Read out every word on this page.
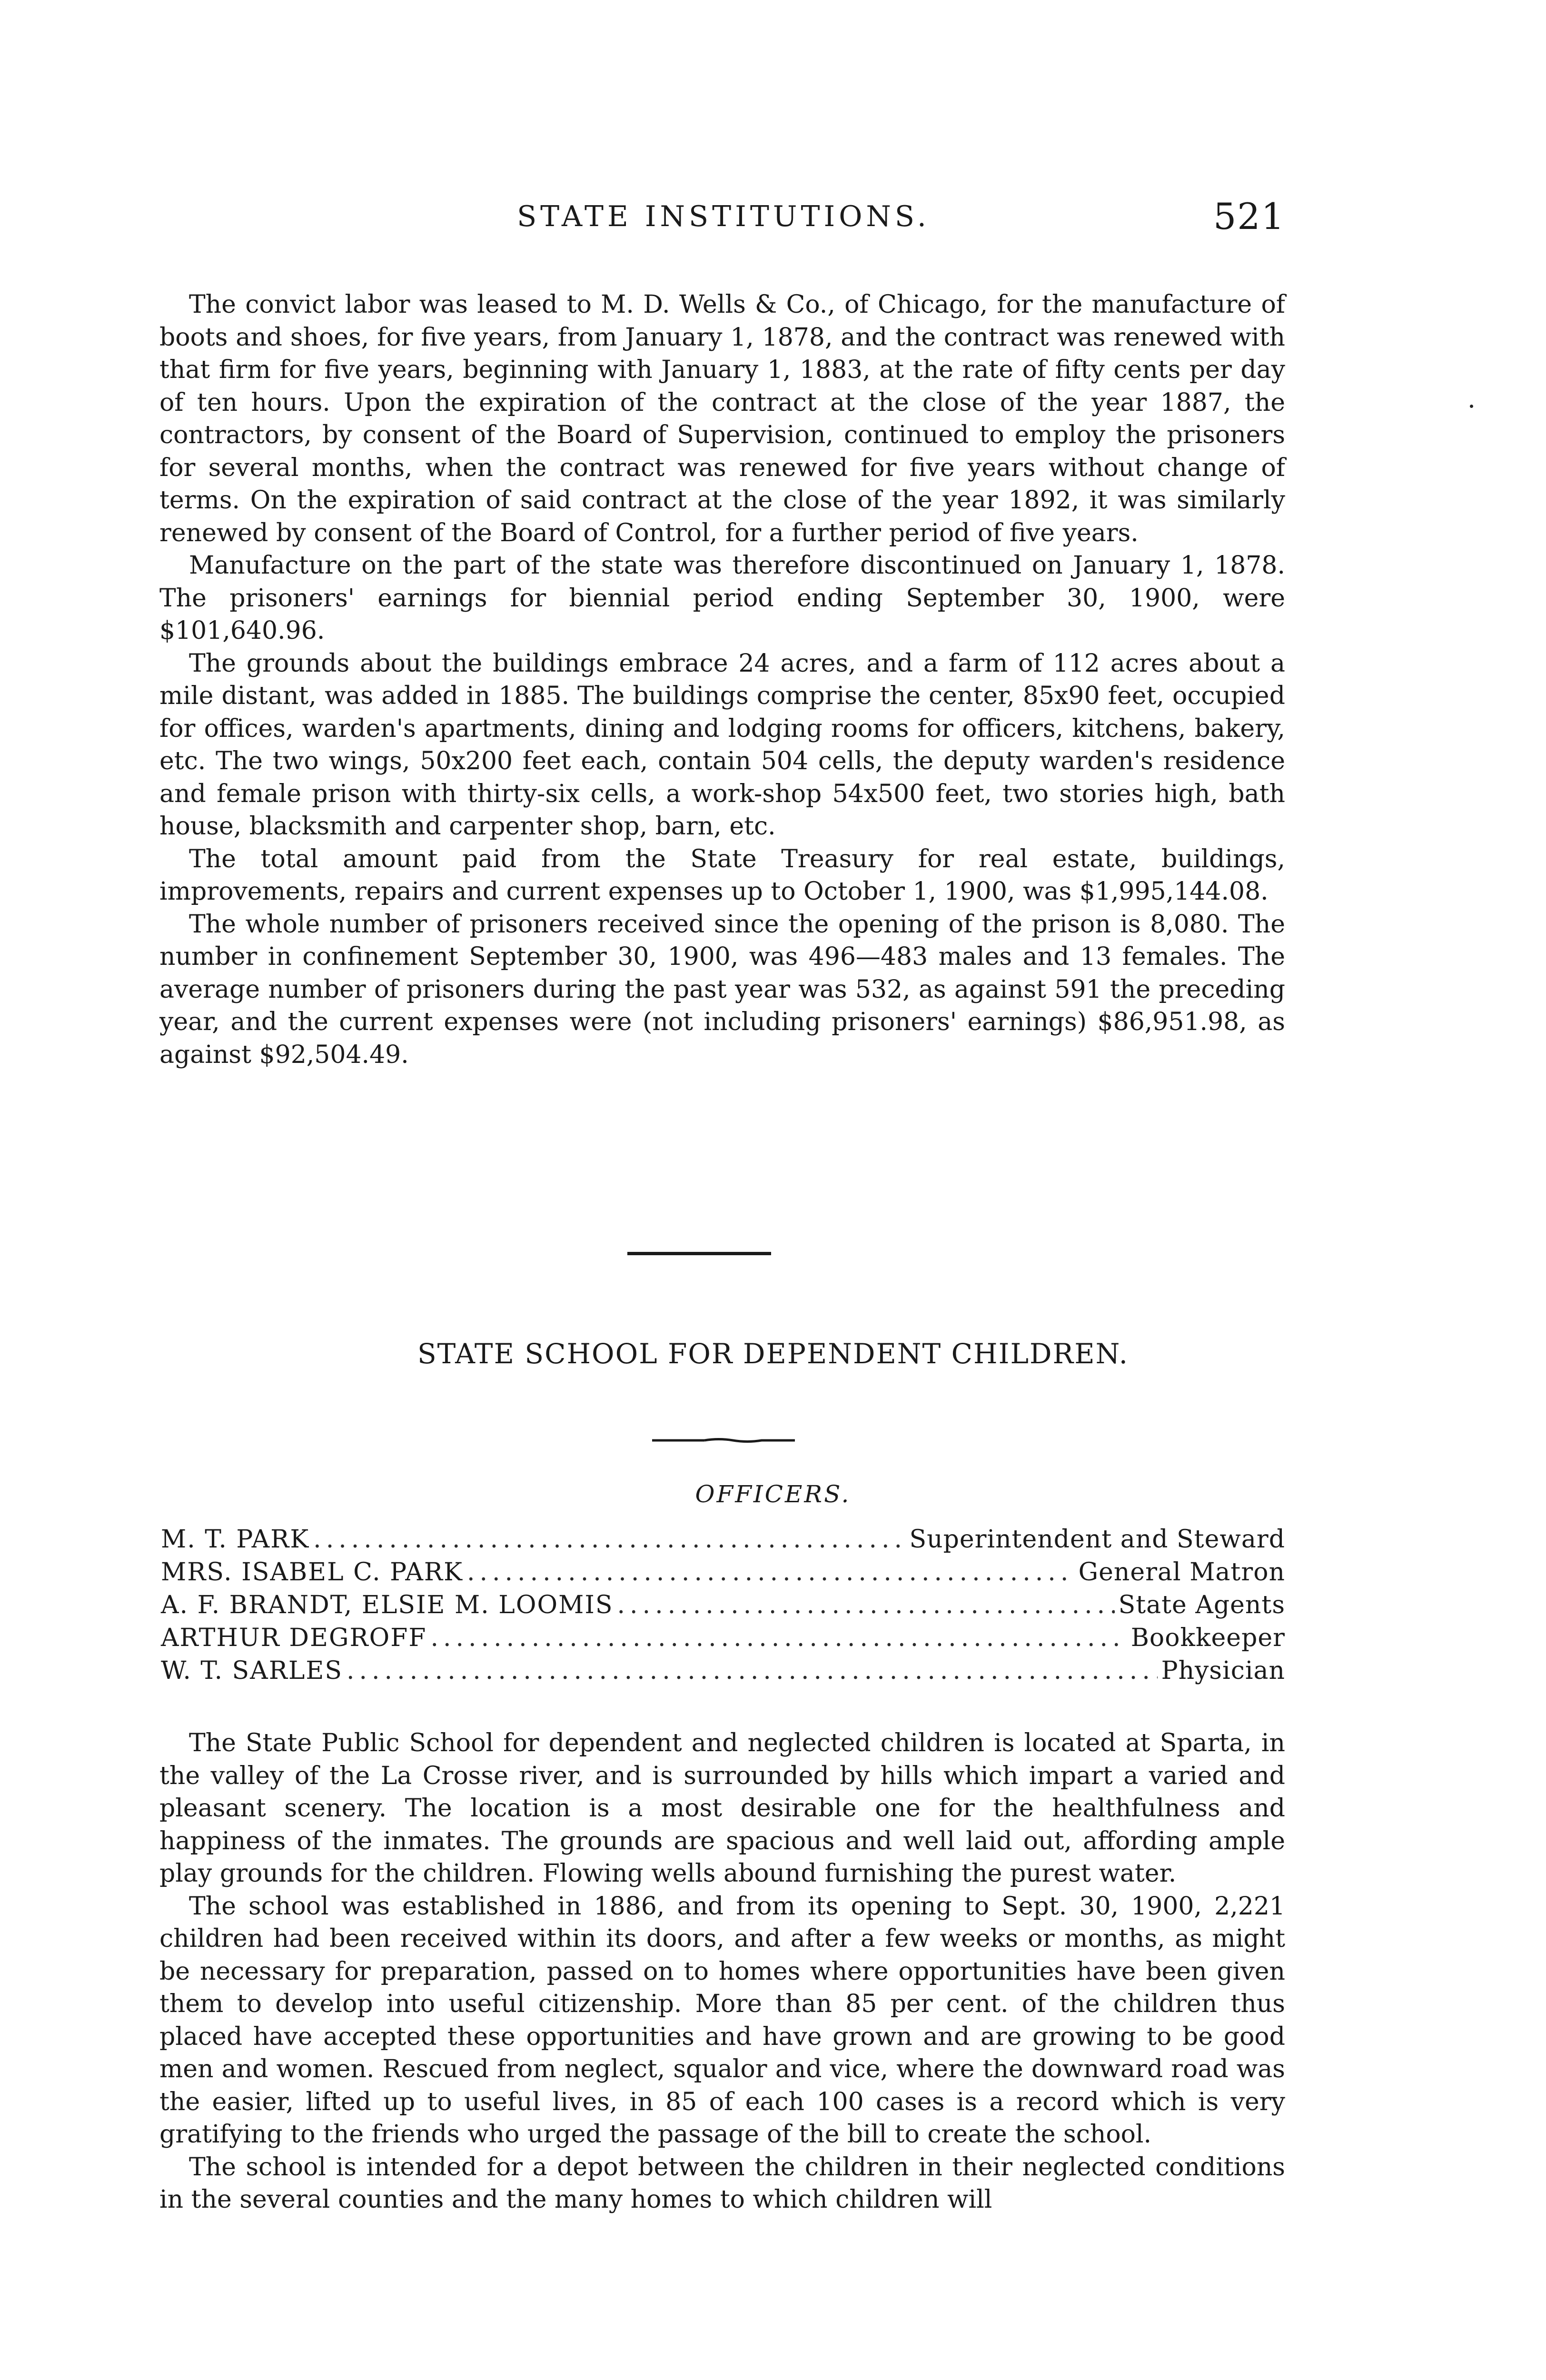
STATE INSTITUTIONS.	521

The convict labor was leased to M. D. Wells & Co., of Chicago, for the manufacture of boots and shoes, for five years, from January 1, 1878, and the contract was renewed with that firm for five years, beginning with January 1, 1883, at the rate of fifty cents per day of ten hours. Upon the expiration of the contract at the close of the year 1887, the contractors, by consent of the Board of Supervision, continued to employ the prisoners for several months, when the contract was renewed for five years without change of terms. On the expiration of said contract at the close of the year 1892, it was similarly renewed by consent of the Board of Control, for a further period of five years.

Manufacture on the part of the state was therefore discontinued on January 1, 1878. The prisoners' earnings for biennial period ending September 30, 1900, were $101,640.96.

The grounds about the buildings embrace 24 acres, and a farm of 112 acres about a mile distant, was added in 1885. The buildings comprise the center, 85x90 feet, occupied for offices, warden's apartments, dining and lodging rooms for officers, kitchens, bakery, etc. The two wings, 50x200 feet each, contain 504 cells, the deputy warden's residence and female prison with thirty-six cells, a work-shop 54x500 feet, two stories high, bath house, blacksmith and carpenter shop, barn, etc.

The total amount paid from the State Treasury for real estate, buildings, improvements, repairs and current expenses up to October 1, 1900, was $1,995,144.08.

The whole number of prisoners received since the opening of the prison is 8,080. The number in confinement September 30, 1900, was 496—483 males and 13 females. The average number of prisoners during the past year was 532, as against 591 the preceding year, and the current expenses were (not including prisoners' earnings) $86,951.98, as against $92,504.49.

STATE SCHOOL FOR DEPENDENT CHILDREN.
OFFICERS.
M. T. PARK .....	Superintendent and Steward
MRS. ISABEL C. PARK .....	General Matron
A. F. BRANDT, ELSIE M. LOOMIS .....	State Agents
ARTHUR DEGROFF .....	Bookkeeper
W. T. SARLES .....	Physician

The State Public School for dependent and neglected children is located at Sparta, in the valley of the La Crosse river, and is surrounded by hills which impart a varied and pleasant scenery. The location is a most desirable one for the healthfulness and happiness of the inmates. The grounds are spacious and well laid out, affording ample play grounds for the children. Flowing wells abound furnishing the purest water.

The school was established in 1886, and from its opening to Sept. 30, 1900, 2,221 children had been received within its doors, and after a few weeks or months, as might be necessary for preparation, passed on to homes where opportunities have been given them to develop into useful citizenship. More than 85 per cent. of the children thus placed have accepted these opportunities and have grown and are growing to be good men and women. Rescued from neglect, squalor and vice, where the downward road was the easier, lifted up to useful lives, in 85 of each 100 cases is a record which is very gratifying to the friends who urged the passage of the bill to create the school.

The school is intended for a depot between the children in their neglected conditions in the several counties and the many homes to which children will
